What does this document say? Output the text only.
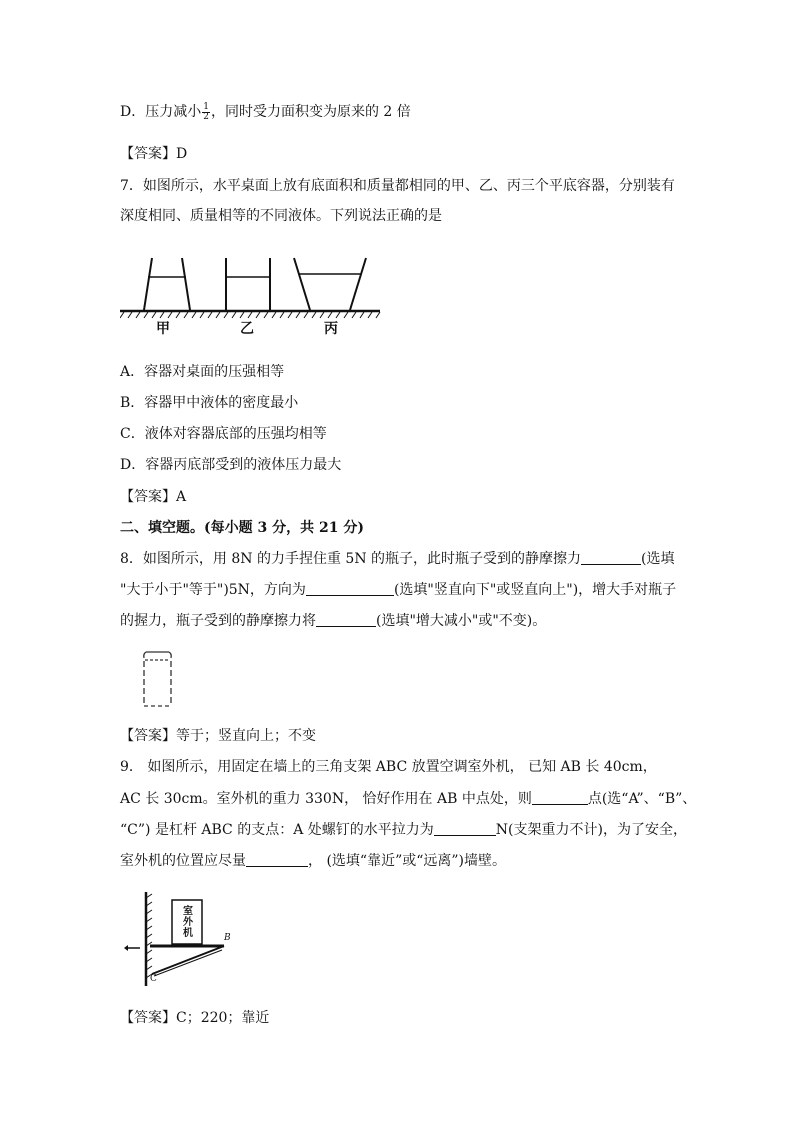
D．压力减小 $\frac{1}{2}$ ，同时受力面积变为原来的 2 倍
【答案】D
7．如图所示，水平桌面上放有底面积和质量都相同的甲、乙、丙三个平底容器，分别装有
深度相同、质量相等的不同液体。下列说法正确的是
甲	乙	丙
A．容器对桌面的压强相等
B．容器甲中液体的密度最小
C．液体对容器底部的压强均相等
D．容器丙底部受到的液体压力最大
【答案】A
二、填空题。(每小题 3 分，共 21 分)
8．如图所示，用 8N 的力手捏住重 5N 的瓶子，此时瓶子受到的静摩擦力	(选填
"大于小于"等于")5N，方向为	(选填"竖直向下"或竖直向上")，增大手对瓶子
的握力，瓶子受到的静摩擦力将	(选填"增大减小"或"不变)。
【答案】等于；竖直向上；不变
9． 如图所示，用固定在墙上的三角支架 ABC 放置空调室外机， 已知 AB 长 40cm，
AC 长 30cm。室外机的重力 330N， 恰好作用在 AB 中点处，则	点(选“A”、“B”、
“C”) 是杠杆 ABC 的支点：A 处螺钉的水平拉力为	N(支架重力不计)，为了安全，
室外机的位置应尽量	， (选填“靠近”或“远离”)墙壁。
室外机	B
C
【答案】C；220；靠近
